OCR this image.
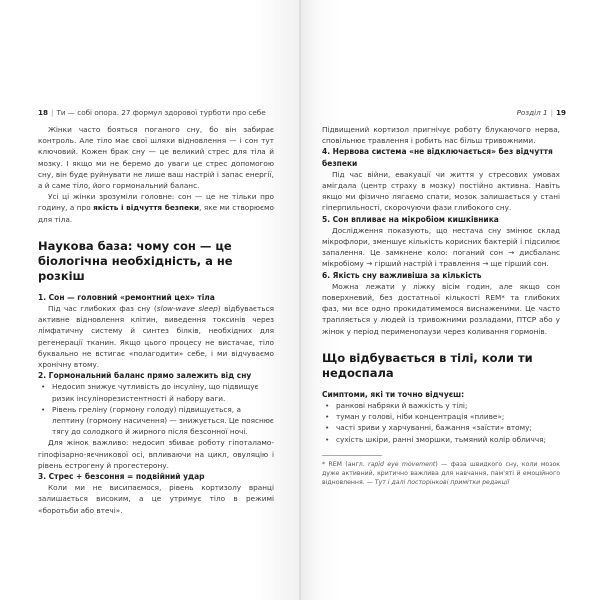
18 | Ти — собі опора. 27 формул здорової турботи про себе	Розділ 1 | 19

Жінки часто бояться поганого сну, бо він забирає контроль. Але тіло має свої шляхи відновлення — і сон тут ключовий. Кожен брак сну — це великий стрес для тіла й мозку. І якщо ми не беремо до уваги це стрес допомогою сну, він буде руйнувати не лише ваш настрій і запас енергії, а й саме тіло, його гормональний баланс.

Усі ці жінки зрозуміли головне: сон — це не тільки про годину, а про якість і відчуття безпеки, яке ми створюємо для тіла.

Наукова база: чому сон — це біологічна необхідність, а не розкіш
1. Сон — головний «ремонтний цех» тіла

Під час глибоких фаз сну (slow-wave sleep) відбувається активне відновлення клітин, виведення токсинів через лімфатичну систему й синтез білків, необхідних для регенерації тканин. Якщо цього процесу не вистачає, тіло буквально не встигає «полагодити» себе, і ми відчуваємо хронічну втому.

2. Гормональний баланс прямо залежить від сну
• Недосип знижує чутливість до інсуліну, що підвищує ризик інсулінорезистентності й набору ваги.
• Рівень греліну (гормону голоду) підвищується, а лептину (гормону насичення) — знижується. Це пояснює тягу до солодкого й жирного після безсонної ночі.

Для жінок важливо: недосип збиває роботу гіпоталамо-гіпофізарно-яєчникової осі, впливаючи на цикл, овуляцію і рівень естрогену й прогестерону.

3. Стрес + безсоння = подвійний удар

Коли ми не висипаємося, рівень кортизолу вранці залишається високим, а це утримує тіло в режимі «боротьби або втечі».

Підвищений кортизол пригнічує роботу блукаючого нерва, сповільнює травлення і робить нас більш тривожними.

4. Нервова система «не відключається» без відчуття безпеки

Під час війни, евакуації чи життя у стресових умовах амігдала (центр страху в мозку) постійно активна. Навіть якщо ми фізично лягаємо спати, мозок залишається у стані гіперпильності, скорочуючи фази глибокого сну.

5. Сон впливає на мікробіом кишківника

Дослідження показують, що нестача сну змінює склад мікрофлори, зменшує кількість корисних бактерій і підсилює запалення. Це замкнене коло: поганий сон → дисбаланс мікробіому → гірший настрій і травлення → ще гірший сон.

6. Якість сну важливіша за кількість

Можна лежати у ліжку вісім годин, але якщо сон поверхневий, без достатньої кількості REM* та глибоких фаз, ми все одно прокидатимемося виснаженими. Це часто трапляється у людей із тривожними розладами, ПТСР або у жінок у період перименопаузи через коливання гормонів.

Що відбувається в тілі, коли ти недоспала
Симптоми, які ти точно відчуєш:
• ранкові набряки й важкість у тілі;
• туман у голові, ніби концентрація «пливе»;
• часті зриви у харчуванні, бажання «заїсти» втому;
• сухість шкіри, ранні зморшки, тьмяний колір обличчя;

* REM (англ. rapid eye movement) — фаза швидкого сну, коли мозок дуже активний, критично важлива для навчання, пам'яті й емоційного відновлення. — Тут і далі посторінкові примітки редакції
